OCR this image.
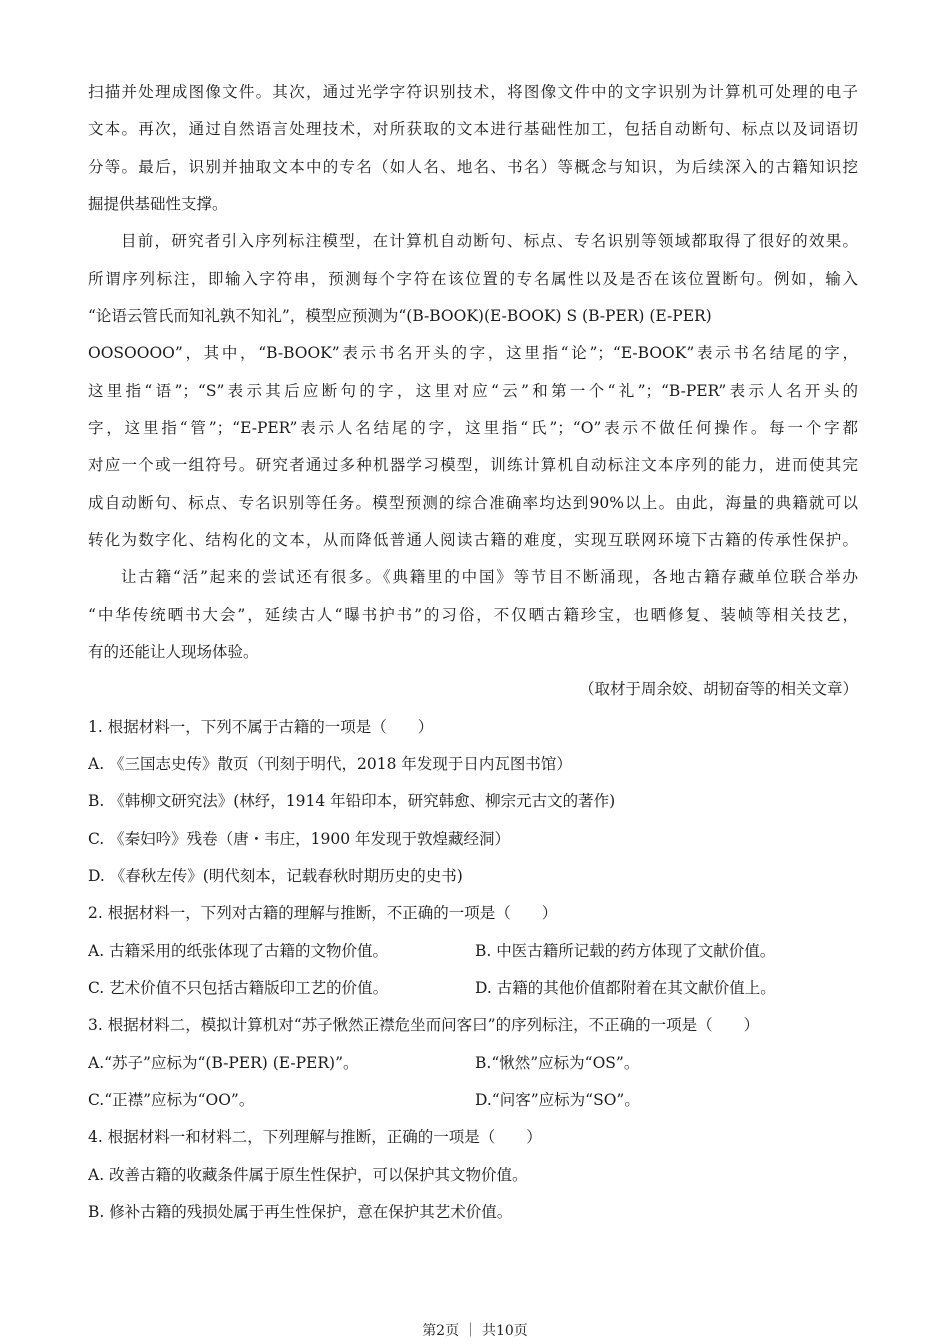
扫描并处理成图像文件。其次，通过光学字符识别技术，将图像文件中的文字识别为计算机可处理的电子
文本。再次，通过自然语言处理技术，对所获取的文本进行基础性加工，包括自动断句、标点以及词语切
分等。最后，识别并抽取文本中的专名（如人名、地名、书名）等概念与知识，为后续深入的古籍知识挖
掘提供基础性支撑。
目前，研究者引入序列标注模型，在计算机自动断句、标点、专名识别等领域都取得了很好的效果。
所谓序列标注，即输入字符串，预测每个字符在该位置的专名属性以及是否在该位置断句。例如，输入
“论语云管氏而知礼孰不知礼”，模型应预测为“(B-BOOK)(E-BOOK) S (B-PER) (E-PER)
OOSOOOO”，其中，“B-BOOK”表示书名开头的字，这里指“论”；“E-BOOK”表示书名结尾的字，
这里指“语”；“S”表示其后应断句的字，这里对应“云”和第一个“礼”；“B-PER”表示人名开头的
字，这里指“管”；“E-PER”表示人名结尾的字，这里指“氏”；“O”表示不做任何操作。每一个字都
对应一个或一组符号。研究者通过多种机器学习模型，训练计算机自动标注文本序列的能力，进而使其完
成自动断句、标点、专名识别等任务。模型预测的综合准确率均达到90%以上。由此，海量的典籍就可以
转化为数字化、结构化的文本，从而降低普通人阅读古籍的难度，实现互联网环境下古籍的传承性保护。
让古籍“活”起来的尝试还有很多。《典籍里的中国》等节目不断涌现，各地古籍存藏单位联合举办
“中华传统晒书大会”，延续古人“曝书护书”的习俗，不仅晒古籍珍宝，也晒修复、装帧等相关技艺，
有的还能让人现场体验。
（取材于周余姣、胡韧奋等的相关文章）
1. 根据材料一，下列不属于古籍的一项是（　　）
A. 《三国志史传》散页（刊刻于明代，2018 年发现于日内瓦图书馆）
B. 《韩柳文研究法》(林纾，1914 年铅印本，研究韩愈、柳宗元古文的著作)
C. 《秦妇吟》残卷（唐・韦庄，1900 年发现于敦煌藏经洞）
D. 《春秋左传》(明代刻本，记载春秋时期历史的史书)
2. 根据材料一，下列对古籍的理解与推断，不正确的一项是（　　）
A. 古籍采用的纸张体现了古籍的文物价值。	B. 中医古籍所记载的药方体现了文献价值。
C. 艺术价值不只包括古籍版印工艺的价值。	D. 古籍的其他价值都附着在其文献价值上。
3. 根据材料二，模拟计算机对“苏子愀然正襟危坐而问客曰”的序列标注，不正确的一项是（　　）
A.“苏子”应标为“(B-PER) (E-PER)”。	B.“愀然”应标为“OS”。
C.“正襟”应标为“OO”。	D.“问客”应标为“SO”。
4. 根据材料一和材料二，下列理解与推断，正确的一项是（　　）
A. 改善古籍的收藏条件属于原生性保护，可以保护其文物价值。
B. 修补古籍的残损处属于再生性保护，意在保护其艺术价值。
第2页 ｜ 共10页
